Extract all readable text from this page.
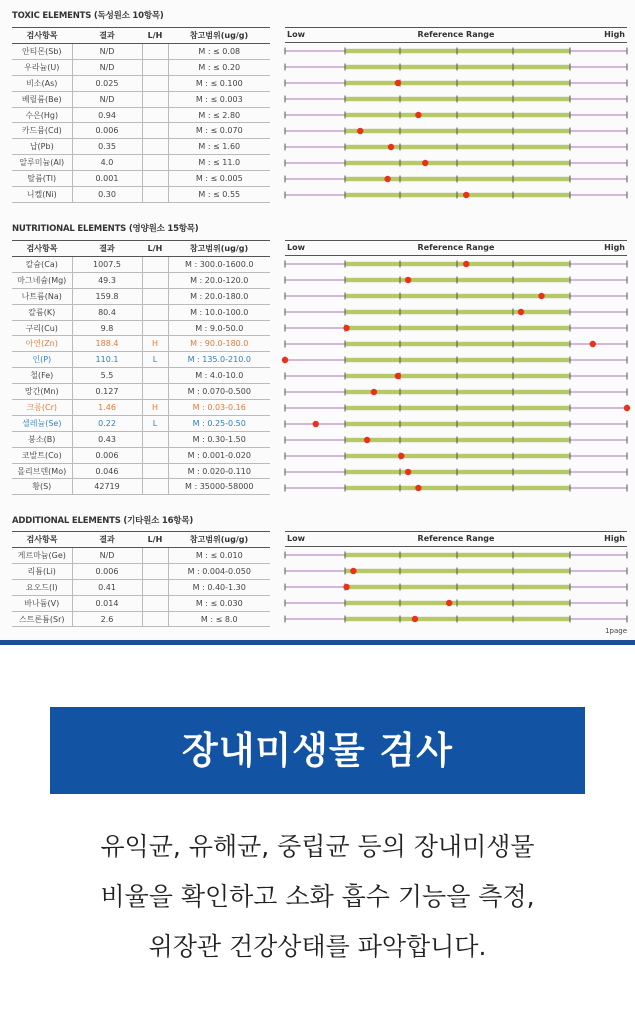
TOXIC ELEMENTS (독성원소 10항목)
검사항목	결과	L/H	참고범위(ug/g)
안티몬(Sb)	N/D		M : ≤ 0.08
우라늄(U)	N/D		M : ≤ 0.20
비소(As)	0.025		M : ≤ 0.100
베릴륨(Be)	N/D		M : ≤ 0.003
수은(Hg)	0.94		M : ≤ 2.80
카드뮴(Cd)	0.006		M : ≤ 0.070
납(Pb)	0.35		M : ≤ 1.60
알루미늄(Al)	4.0		M : ≤ 11.0
탈륨(Tl)	0.001		M : ≤ 0.005
니켈(Ni)	0.30		M : ≤ 0.55
Low	Reference Range	High
NUTRITIONAL ELEMENTS (영양원소 15항목)
검사항목	결과	L/H	참고범위(ug/g)
칼슘(Ca)	1007.5		M : 300.0-1600.0
마그네슘(Mg)	49.3		M : 20.0-120.0
나트륨(Na)	159.8		M : 20.0-180.0
칼륨(K)	80.4		M : 10.0-100.0
구리(Cu)	9.8		M : 9.0-50.0
아연(Zn)	188.4	H	M : 90.0-180.0
인(P)	110.1	L	M : 135.0-210.0
철(Fe)	5.5		M : 4.0-10.0
망간(Mn)	0.127		M : 0.070-0.500
크롬(Cr)	1.46	H	M : 0.03-0.16
셀레늄(Se)	0.22	L	M : 0.25-0.50
붕소(B)	0.43		M : 0.30-1.50
코발트(Co)	0.006		M : 0.001-0.020
몰리브덴(Mo)	0.046		M : 0.020-0.110
황(S)	42719		M : 35000-58000
Low	Reference Range	High
ADDITIONAL ELEMENTS (기타원소 16항목)
검사항목	결과	L/H	참고범위(ug/g)
게르마늄(Ge)	N/D		M : ≤ 0.010
리튬(Li)	0.006		M : 0.004-0.050
요오드(I)	0.41		M : 0.40-1.30
바나듐(V)	0.014		M : ≤ 0.030
스트론튬(Sr)	2.6		M : ≤ 8.0
Low	Reference Range	High
1page
장내미생물 검사
유익균, 유해균, 중립균 등의 장내미생물
비율을 확인하고 소화 흡수 기능을 측정,
위장관 건강상태를 파악합니다.
